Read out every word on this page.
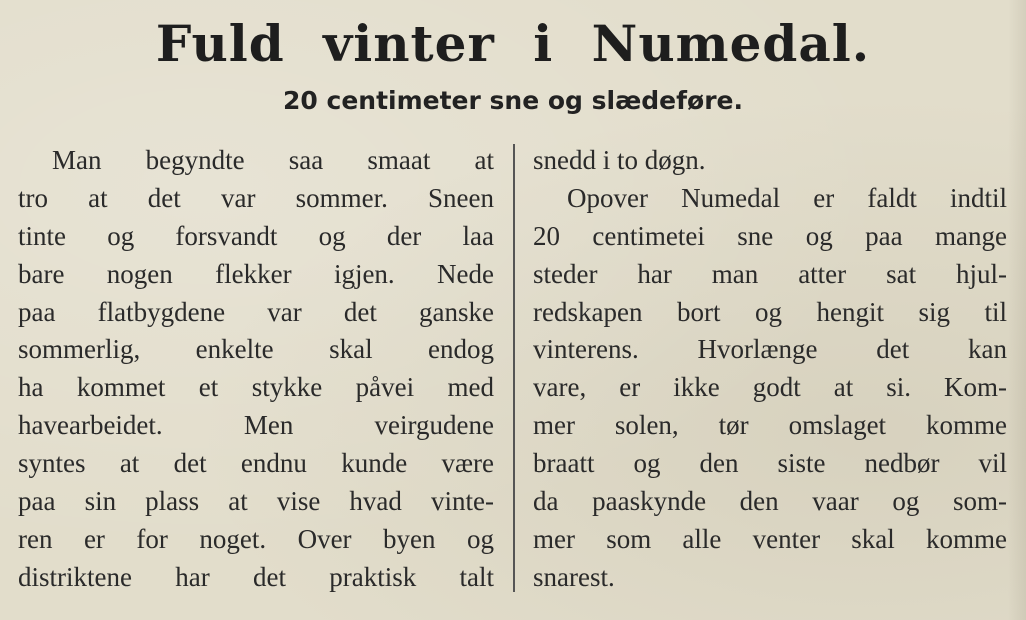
Fuld vinter i Numedal.
20 centimeter sne og slædeføre.
Man begyndte saa smaat at
tro at det var sommer. Sneen
tinte og forsvandt og der laa
bare nogen flekker igjen. Nede
paa flatbygdene var det ganske
sommerlig, enkelte skal endog
ha kommet et stykke påvei med
havearbeidet. Men veirgudene
syntes at det endnu kunde være
paa sin plass at vise hvad vinte-
ren er for noget. Over byen og
distriktene har det praktisk talt
snedd i to døgn.
Opover Numedal er faldt indtil
20 centimetei sne og paa mange
steder har man atter sat hjul-
redskapen bort og hengit sig til
vinterens. Hvorlænge det kan
vare, er ikke godt at si. Kom-
mer solen, tør omslaget komme
braatt og den siste nedbør vil
da paaskynde den vaar og som-
mer som alle venter skal komme
snarest.
